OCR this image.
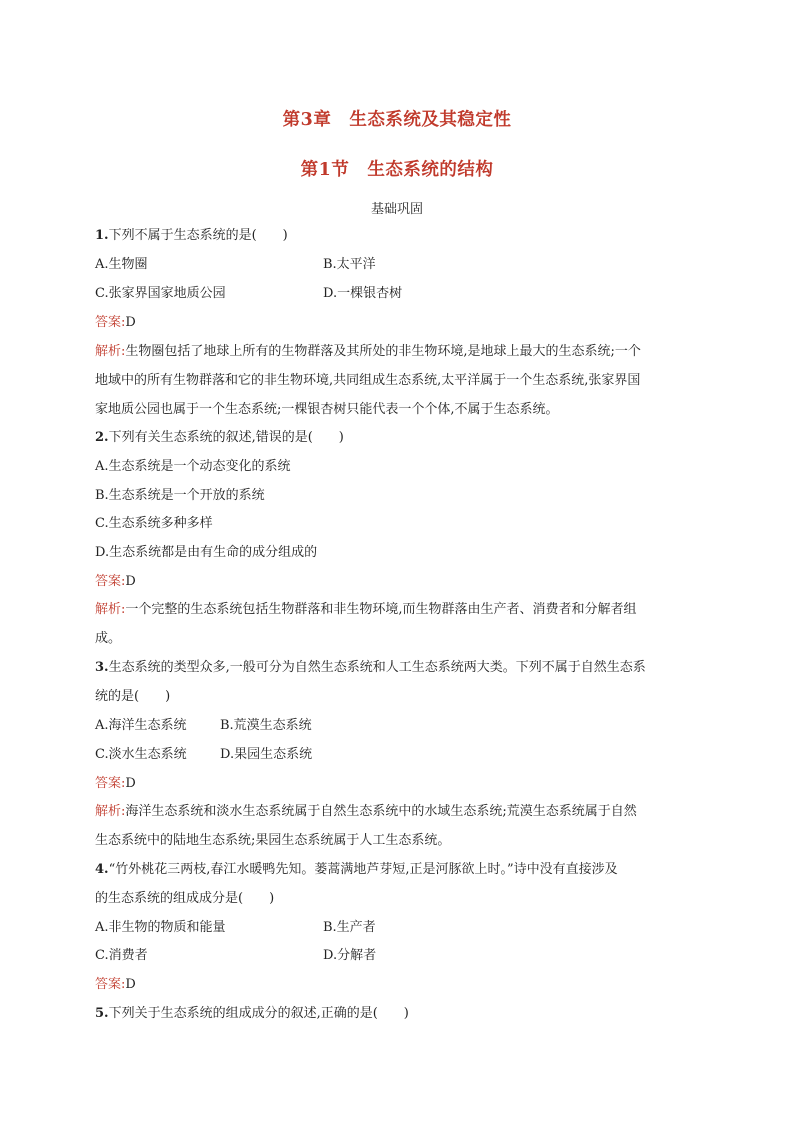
第3章　生态系统及其稳定性
第1节　生态系统的结构
基础巩固
1.下列不属于生态系统的是(　　)
A.生物圈	B.太平洋
C.张家界国家地质公园	D.一棵银杏树
答案:D
解析:生物圈包括了地球上所有的生物群落及其所处的非生物环境,是地球上最大的生态系统;一个
地域中的所有生物群落和它的非生物环境,共同组成生态系统,太平洋属于一个生态系统,张家界国
家地质公园也属于一个生态系统;一棵银杏树只能代表一个个体,不属于生态系统。
2.下列有关生态系统的叙述,错误的是(　　)
A.生态系统是一个动态变化的系统
B.生态系统是一个开放的系统
C.生态系统多种多样
D.生态系统都是由有生命的成分组成的
答案:D
解析:一个完整的生态系统包括生物群落和非生物环境,而生物群落由生产者、消费者和分解者组
成。
3.生态系统的类型众多,一般可分为自然生态系统和人工生态系统两大类。下列不属于自然生态系
统的是(　　)
A.海洋生态系统	B.荒漠生态系统
C.淡水生态系统	D.果园生态系统
答案:D
解析:海洋生态系统和淡水生态系统属于自然生态系统中的水域生态系统;荒漠生态系统属于自然
生态系统中的陆地生态系统;果园生态系统属于人工生态系统。
4.“竹外桃花三两枝,春江水暖鸭先知。蒌蒿满地芦芽短,正是河豚欲上时。”诗中没有直接涉及
的生态系统的组成成分是(　　)
A.非生物的物质和能量	B.生产者
C.消费者	D.分解者
答案:D
5.下列关于生态系统的组成成分的叙述,正确的是(　　)
